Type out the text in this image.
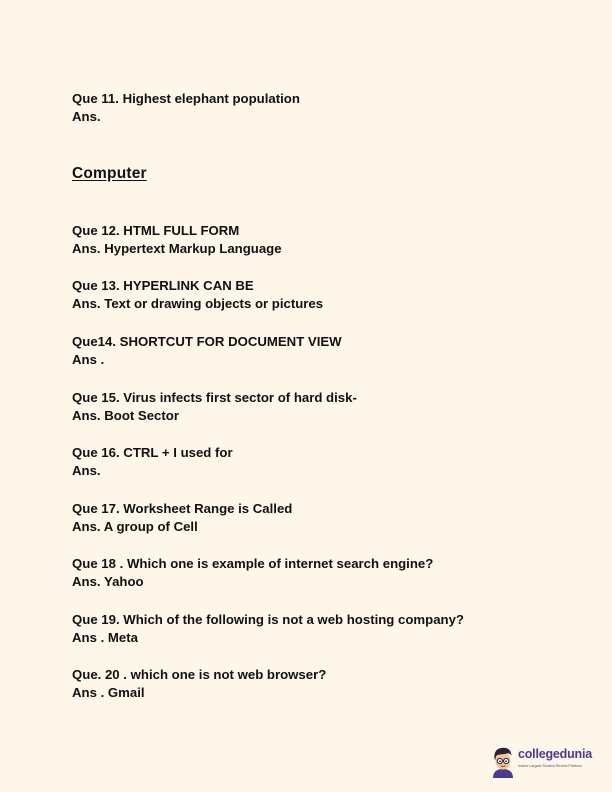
Que 11. Highest elephant population
Ans.
Computer
Que 12. HTML FULL FORM
Ans. Hypertext Markup Language
Que 13. HYPERLINK CAN BE
Ans. Text or drawing objects or pictures
Que14. SHORTCUT FOR DOCUMENT VIEW
Ans .
Que 15. Virus infects first sector of hard disk-
Ans. Boot Sector
Que 16. CTRL + I used for
Ans.
Que 17. Worksheet Range is Called
Ans. A group of Cell
Que 18 . Which one is example of internet search engine?
Ans. Yahoo
Que 19. Which of the following is not a web hosting company?
Ans . Meta
Que. 20 . which one is not web browser?
Ans . Gmail
collegedunia
India's Largest Student Review Platform
